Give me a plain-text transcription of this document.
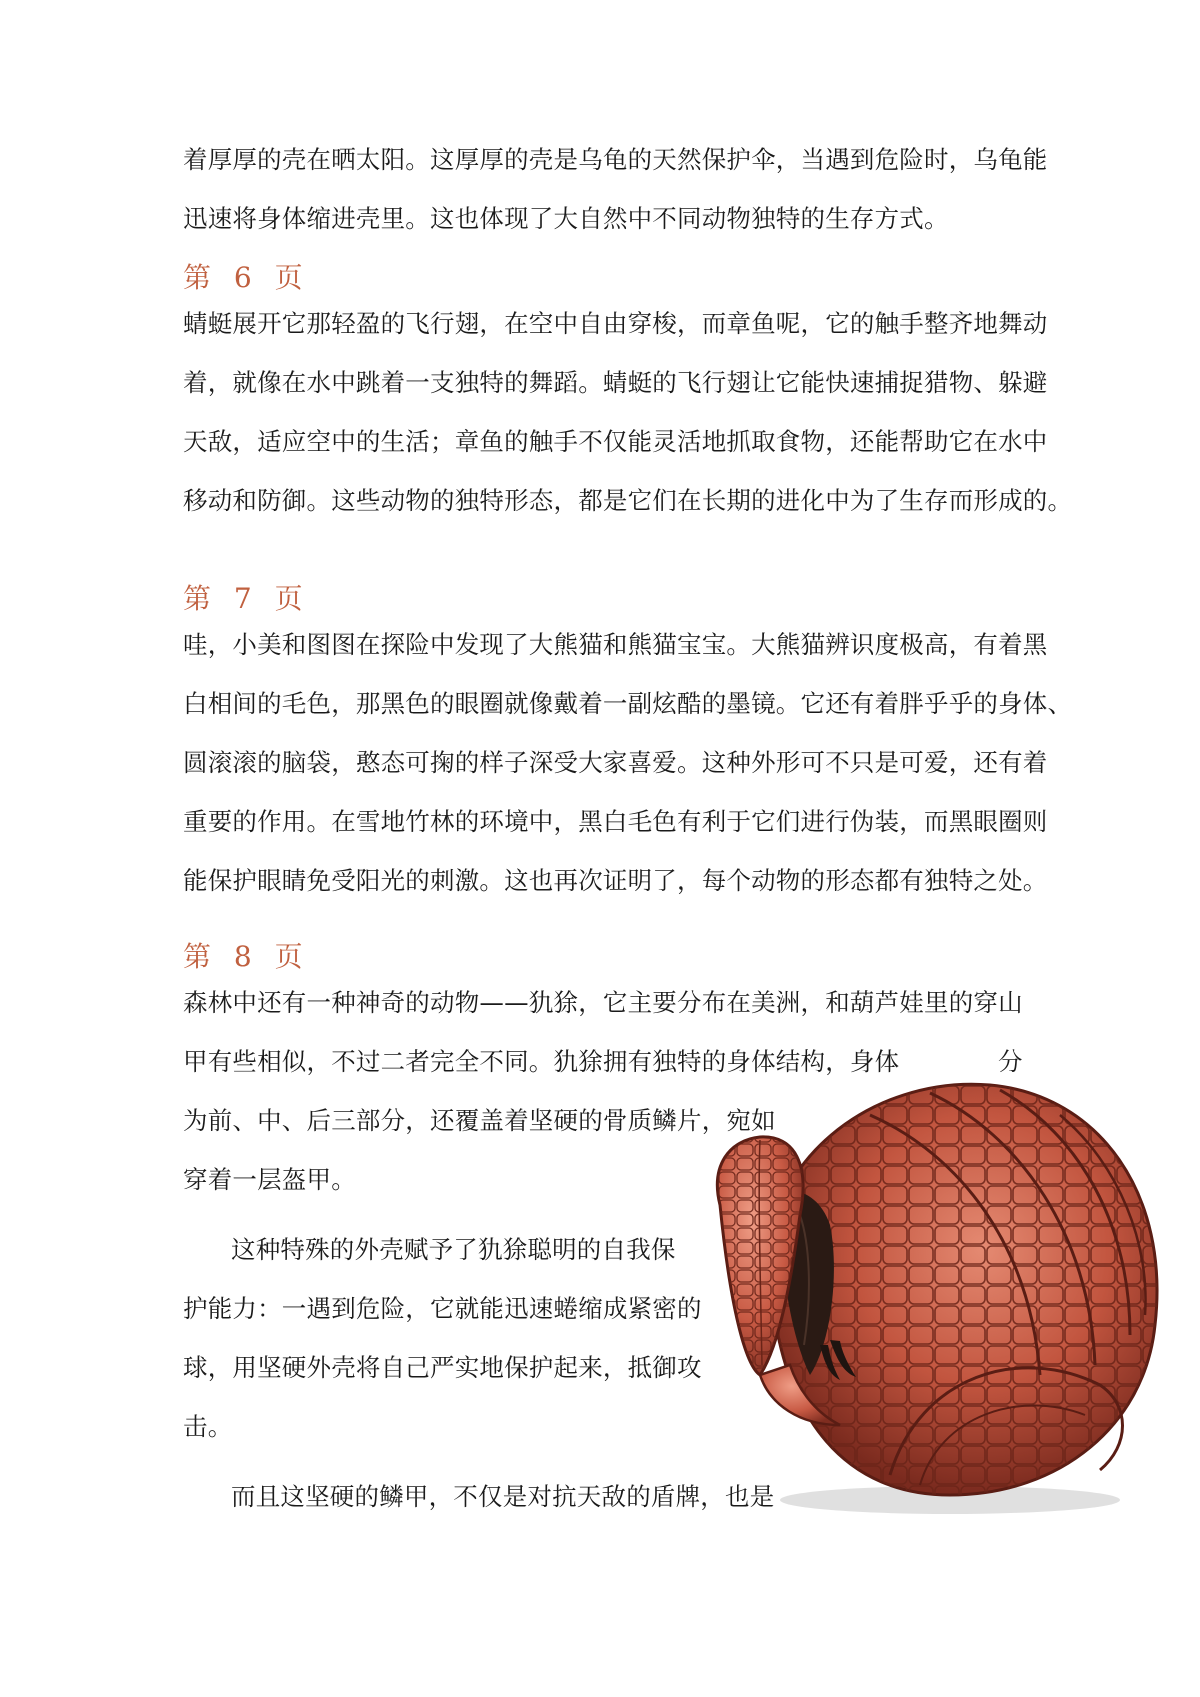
着厚厚的壳在晒太阳。这厚厚的壳是乌龟的天然保护伞，当遇到危险时，乌龟能
迅速将身体缩进壳里。这也体现了大自然中不同动物独特的生存方式。
第 6 页
蜻蜓展开它那轻盈的飞行翅，在空中自由穿梭，而章鱼呢，它的触手整齐地舞动
着，就像在水中跳着一支独特的舞蹈。蜻蜓的飞行翅让它能快速捕捉猎物、躲避
天敌，适应空中的生活；章鱼的触手不仅能灵活地抓取食物，还能帮助它在水中
移动和防御。这些动物的独特形态，都是它们在长期的进化中为了生存而形成的。
第 7 页
哇，小美和图图在探险中发现了大熊猫和熊猫宝宝。大熊猫辨识度极高，有着黑
白相间的毛色，那黑色的眼圈就像戴着一副炫酷的墨镜。它还有着胖乎乎的身体、
圆滚滚的脑袋，憨态可掬的样子深受大家喜爱。这种外形可不只是可爱，还有着
重要的作用。在雪地竹林的环境中，黑白毛色有利于它们进行伪装，而黑眼圈则
能保护眼睛免受阳光的刺激。这也再次证明了，每个动物的形态都有独特之处。
第 8 页
森林中还有一种神奇的动物——犰狳，它主要分布在美洲，和葫芦娃里的穿山
甲有些相似，不过二者完全不同。犰狳拥有独特的身体结构，身体
为前、中、后三部分，还覆盖着坚硬的骨质鳞片，宛如
穿着一层盔甲。
分
这种特殊的外壳赋予了犰狳聪明的自我保
护能力：一遇到危险，它就能迅速蜷缩成紧密的
球，用坚硬外壳将自己严实地保护起来，抵御攻
击。
而且这坚硬的鳞甲，不仅是对抗天敌的盾牌，也是
